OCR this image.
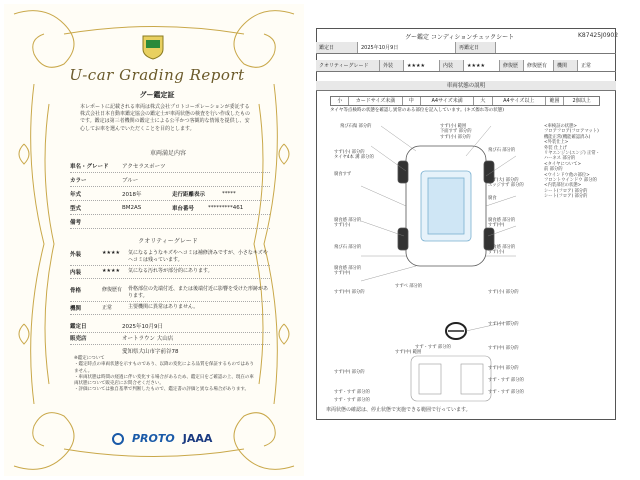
U-car Grading Report
グー鑑定証
本レポートに記載される車両は株式会社プロトコーポレーションが委託する株式会社日本自動車鑑定協会の鑑定士が車両状態の検査を行い作成したものです。鑑定は第三者機関の鑑定士による公平かつ客観的な情報を提供し、安心してお車を選んでいただくことを目的とします。
車両満足内容
車名・グレード	アクセラスポーツ
カラー	ブルー
年式	2018年	走行距離表示	*****
型式	BM2AS	車台番号	*********461
備考
クオリティーグレード
外装	★★★★	気になるようなキズやヘコミは補修済みですが、小さなキズやヘコミは残っています。
内装	★★★★	気になる汚れ等が部分的にあります。
骨格	修復歴有	骨格部位の先端付近、または後端付近に影響を受けた形跡があります。
機関	正常	主要機関に異常はありません。
鑑定日	2025年10月9日
販売店	オートラウン 大山店
愛知県大山市字前谷78
※鑑定について
・鑑定時点の車両状態を示すものであり、以降の変化による品質を保証するものではありません。
・車両状態は時間の経過に伴い変化する場合があるため、鑑定日をご確認の上、現在の車両状態について販売店にお問合せください。
・評価については独自基準で判断したもので、鑑定書の評価と異なる場合があります。
PROTO JAAA
グー鑑定 コンディションチェックシート	K87425J0902
鑑定日	2025年10月9日	再鑑定日
クオリティーグレード	外装	★★★★	内装	★★★★	修復歴	修復歴有	機関	正常
車両状態の説明
小	カードサイズ未満	中	A4サイズ未満	大	A4サイズ以上	範囲	2個以上
タイヤ等点検時の状態を確認し異常のある部位を記入しています。(キズ擦れ等の状態)
飛び石傷 部分的	すず(小) 範囲
下面すず 部分的
すず(小) 部分的
すず(小) 部分的
タイヤ4本 溝 部分的
飛び石 部分的
すず(大) 部分的
エッジすず 部分的
腐食すず
腐食
腐食感 部分的
すず(小)
腐食感 部分的
すず(中)
飛び石 部分的	腐食感 部分的
すず(小)
腐食感 部分的
すず(中)
すず(中) 部分的	すず(小) 部分的
すずべ 部分的
すず(小) 部分的
すず(中) 部分的
すず(中) 部分的
すず(中) 部分的
すず・すず 部分的
すず・すず 部分的
すず・すず 部分的
すず・すず 部分的
すず・すず 部分的
すず(中) 範囲
<車検証の状態>
フロアフロア(フロアマット)
機能正常(機能確認済み)
<外装仕上>
外装 仕上げ
リヤエンジン(エンジ) 正常・
ハーネス 部分的
<タイヤについて>
前 部分的
<ウインドウ他の部位>
フロントウインドウ 部分的
<内装部位の状態>
シート(フロア) 部分的
シート(フロア) 部分的
車両状態の確認は、停止状態で実施できる範囲で行っています。
